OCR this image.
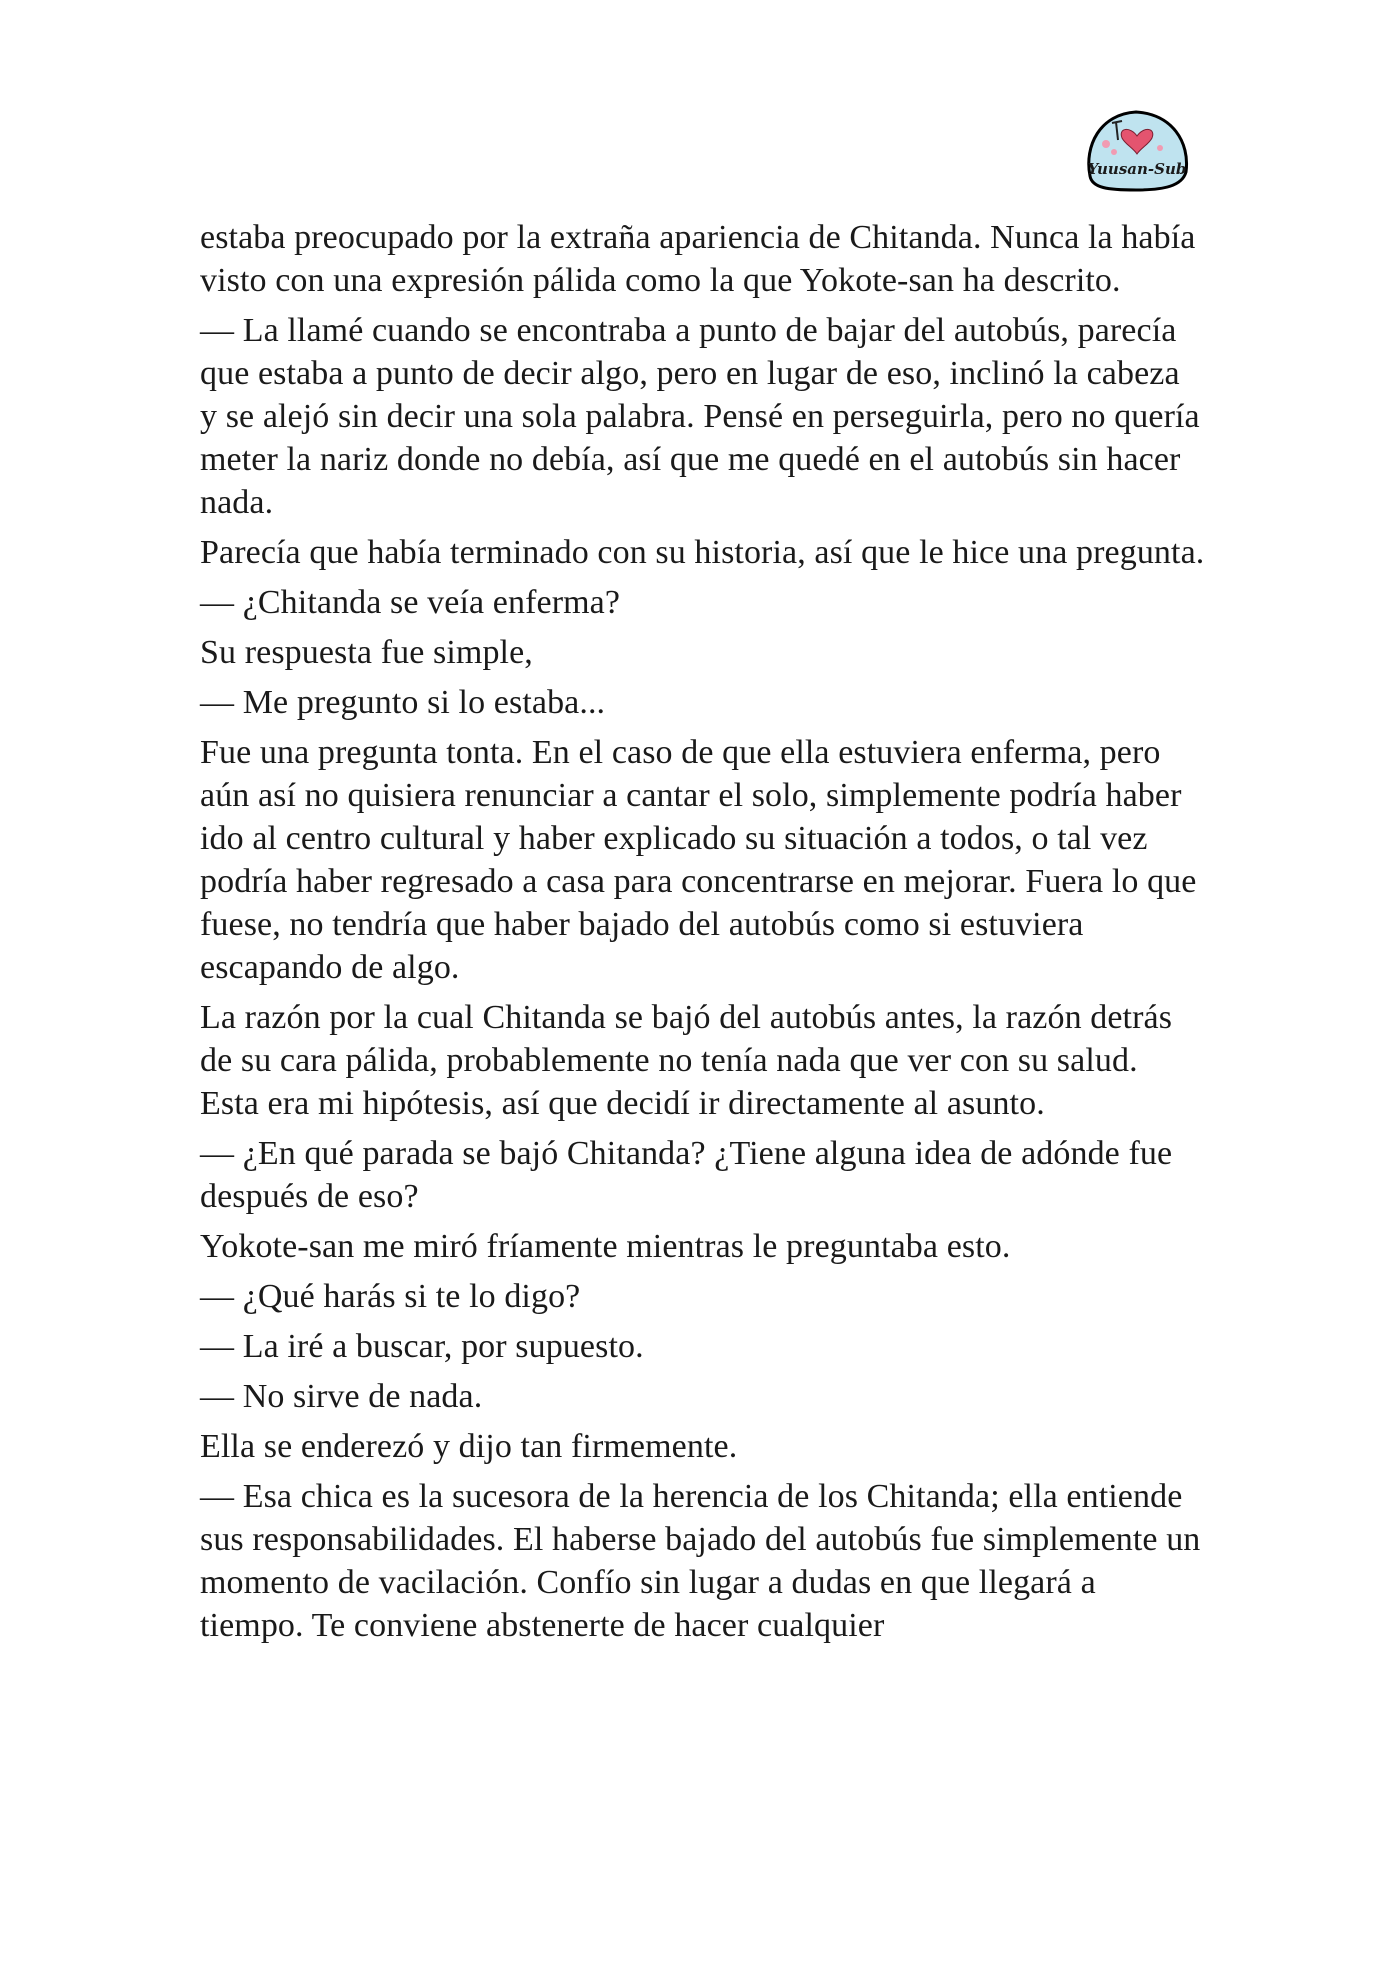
Yuusan-Sub

estaba preocupado por la extraña apariencia de Chitanda. Nunca la había visto con una expresión pálida como la que Yokote-san ha descrito.

— La llamé cuando se encontraba a punto de bajar del autobús, parecía que estaba a punto de decir algo, pero en lugar de eso, inclinó la cabeza y se alejó sin decir una sola palabra. Pensé en perseguirla, pero no quería meter la nariz donde no debía, así que me quedé en el autobús sin hacer nada.

Parecía que había terminado con su historia, así que le hice una pregunta.

— ¿Chitanda se veía enferma?

Su respuesta fue simple,

— Me pregunto si lo estaba...

Fue una pregunta tonta. En el caso de que ella estuviera enferma, pero aún así no quisiera renunciar a cantar el solo, simplemente podría haber ido al centro cultural y haber explicado su situación a todos, o tal vez podría haber regresado a casa para concentrarse en mejorar. Fuera lo que fuese, no tendría que haber bajado del autobús como si estuviera escapando de algo.

La razón por la cual Chitanda se bajó del autobús antes, la razón detrás de su cara pálida, probablemente no tenía nada que ver con su salud. Esta era mi hipótesis, así que decidí ir directamente al asunto.

— ¿En qué parada se bajó Chitanda? ¿Tiene alguna idea de adónde fue después de eso?

Yokote-san me miró fríamente mientras le preguntaba esto.

— ¿Qué harás si te lo digo?

— La iré a buscar, por supuesto.

— No sirve de nada.

Ella se enderezó y dijo tan firmemente.

— Esa chica es la sucesora de la herencia de los Chitanda; ella entiende sus responsabilidades. El haberse bajado del autobús fue simplemente un momento de vacilación. Confío sin lugar a dudas en que llegará a tiempo. Te conviene abstenerte de hacer cualquier
